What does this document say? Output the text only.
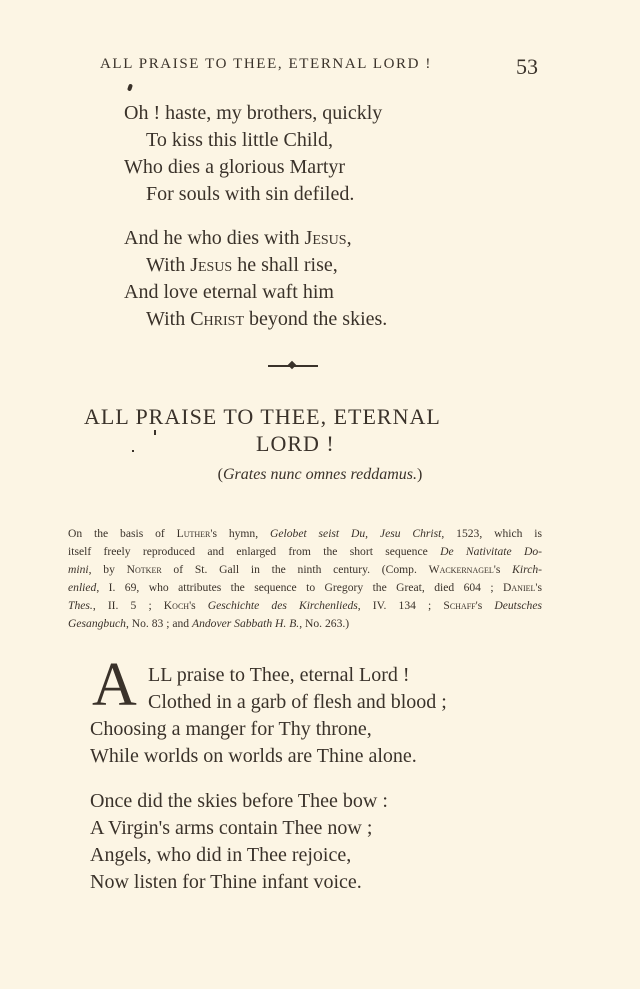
ALL PRAISE TO THEE, ETERNAL LORD !	53
Oh ! haste, my brothers, quickly
To kiss this little Child,
Who dies a glorious Martyr
For souls with sin defiled.
And he who dies with Jesus,
With Jesus he shall rise,
And love eternal waft him
With Christ beyond the skies.
ALL PRAISE TO THEE, ETERNAL
LORD !
(Grates nunc omnes reddamus.)
On the basis of Luther's hymn, Gelobet seist Du, Jesu Christ, 1523, which is
itself freely reproduced and enlarged from the short sequence De Nativitate Do-
mini, by Notker of St. Gall in the ninth century. (Comp. Wackernagel's Kirch-
enlied, I. 69, who attributes the sequence to Gregory the Great, died 604 ; Daniel's
Thes., II. 5 ; Koch's Geschichte des Kirchenlieds, IV. 134 ; Schaff's Deutsches
Gesangbuch, No. 83 ; and Andover Sabbath H. B., No. 263.)
A LL praise to Thee, eternal Lord !
Clothed in a garb of flesh and blood ;
Choosing a manger for Thy throne,
While worlds on worlds are Thine alone.
Once did the skies before Thee bow :
A Virgin's arms contain Thee now ;
Angels, who did in Thee rejoice,
Now listen for Thine infant voice.
